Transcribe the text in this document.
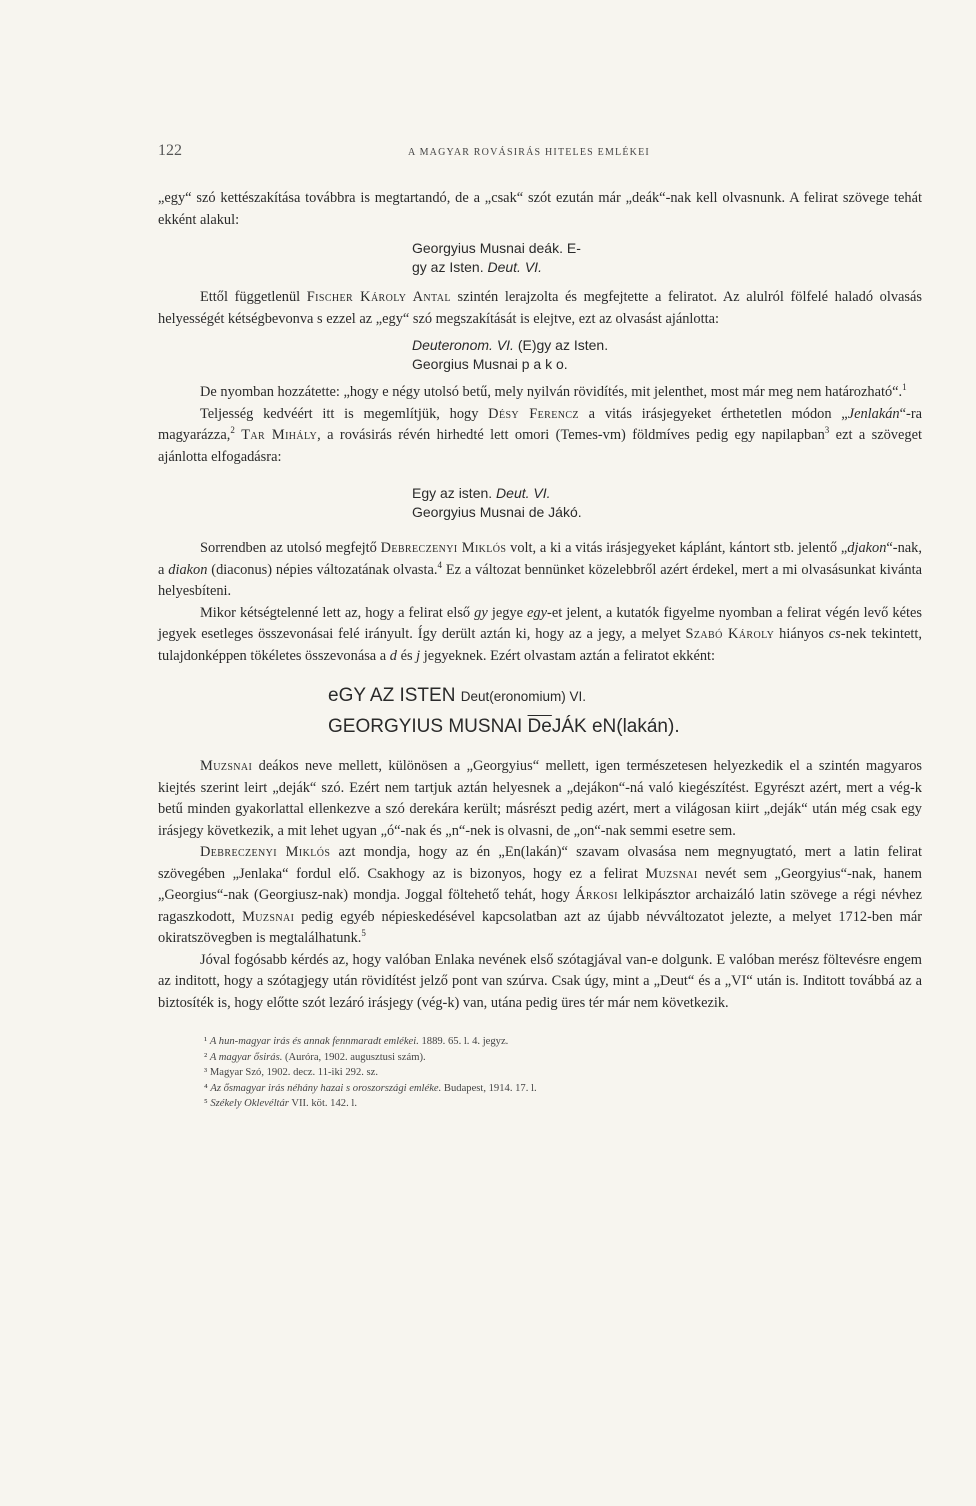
122	A MAGYAR ROVÁSIRÁS HITELES EMLÉKEI

„egy“ szó kettészakítása továbbra is megtartandó, de a „csak“ szót ezután már „deák“-nak kell olvasnunk. A felirat szövege tehát ekként alakul:

Georgyius Musnai deák. E-
gy az Isten. Deut. VI.

Ettől függetlenül Fischer Károly Antal szintén lerajzolta és megfejtette a feliratot. Az alulról fölfelé haladó olvasás helyességét kétségbevonva s ezzel az „egy“ szó megszakítását is elejtve, ezt az olvasást ajánlotta:

Deuteronom. VI. (E)gy az Isten.
Georgius Musnai p a k o.

De nyomban hozzátette: „hogy e négy utolsó betű, mely nyilván rövidítés, mit jelenthet, most már meg nem határozható“.$^1$

Teljesség kedvéért itt is megemlítjük, hogy Désy Ferencz a vitás irásjegyeket érthetetlen módon „Jenlakán“-ra magyarázza,$^2$ Tar Mihály, a rovásirás révén hirhedté lett omori (Temes-vm) földmíves pedig egy napilapban$^3$ ezt a szöveget ajánlotta elfogadásra:

Egy az isten. Deut. VI.
Georgyius Musnai de Jákó.

Sorrendben az utolsó megfejtő Debreczenyi Miklós volt, a ki a vitás irásjegyeket káplánt, kántort stb. jelentő „djakon“-nak, a diakon (diaconus) népies változatának olvasta.$^4$ Ez a változat bennünket közelebbről azért érdekel, mert a mi olvasásunkat kivánta helyesbíteni.

Mikor kétségtelenné lett az, hogy a felirat első gy jegye egy-et jelent, a kutatók figyelme nyomban a felirat végén levő kétes jegyek esetleges összevonásai felé irányult. Így derült aztán ki, hogy az a jegy, a melyet Szabó Károly hiányos cs-nek tekintett, tulajdonképpen tökéletes összevonása a d és j jegyeknek. Ezért olvastam aztán a feliratot ekként:

eGY AZ ISTEN Deut(eronomium) VI.
GEORGYIUS MUSNAI $\overline{De}JÁK$ eN(lakán).

Muzsnai deákos neve mellett, különösen a „Georgyius“ mellett, igen természetesen helyezkedik el a szintén magyaros kiejtés szerint leirt „deják“ szó. Ezért nem tartjuk aztán helyesnek a „dejákon“-ná való kiegészítést. Egyrészt azért, mert a vég-k betű minden gyakorlattal ellenkezve a szó derekára került; másrészt pedig azért, mert a világosan kiirt „deják“ után még csak egy irásjegy következik, a mit lehet ugyan „ó“-nak és „n“-nek is olvasni, de „on“-nak semmi esetre sem.

Debreczenyi Miklós azt mondja, hogy az én „En(lakán)“ szavam olvasása nem megnyugtató, mert a latin felirat szövegében „Jenlaka“ fordul elő. Csakhogy az is bizonyos, hogy ez a felirat Muzsnai nevét sem „Georgyius“-nak, hanem „Georgius“-nak (Georgiusz-nak) mondja. Joggal föltehető tehát, hogy Árkosi lelkipásztor archaizáló latin szövege a régi névhez ragaszkodott, Muzsnai pedig egyéb népieskedésével kapcsolatban azt az újabb névváltozatot jelezte, a melyet 1712-ben már okiratszövegben is megtalálhatunk.$^5$

Jóval fogósabb kérdés az, hogy valóban Enlaka nevének első szótagjával van-e dolgunk. E valóban merész föltevésre engem az inditott, hogy a szótagjegy után rövidítést jelző pont van szúrva. Csak úgy, mint a „Deut“ és a „VI“ után is. Inditott továbbá az a biztosíték is, hogy előtte szót lezáró irásjegy (vég-k) van, utána pedig üres tér már nem következik.

¹ A hun-magyar irás és annak fennmaradt emlékei. 1889. 65. l. 4. jegyz.
² A magyar ősirás. (Auróra, 1902. augusztusi szám).
³ Magyar Szó, 1902. decz. 11-iki 292. sz.
⁴ Az ősmagyar irás néhány hazai s oroszországi emléke. Budapest, 1914. 17. l.
⁵ Székely Oklevéltár VII. köt. 142. l.
